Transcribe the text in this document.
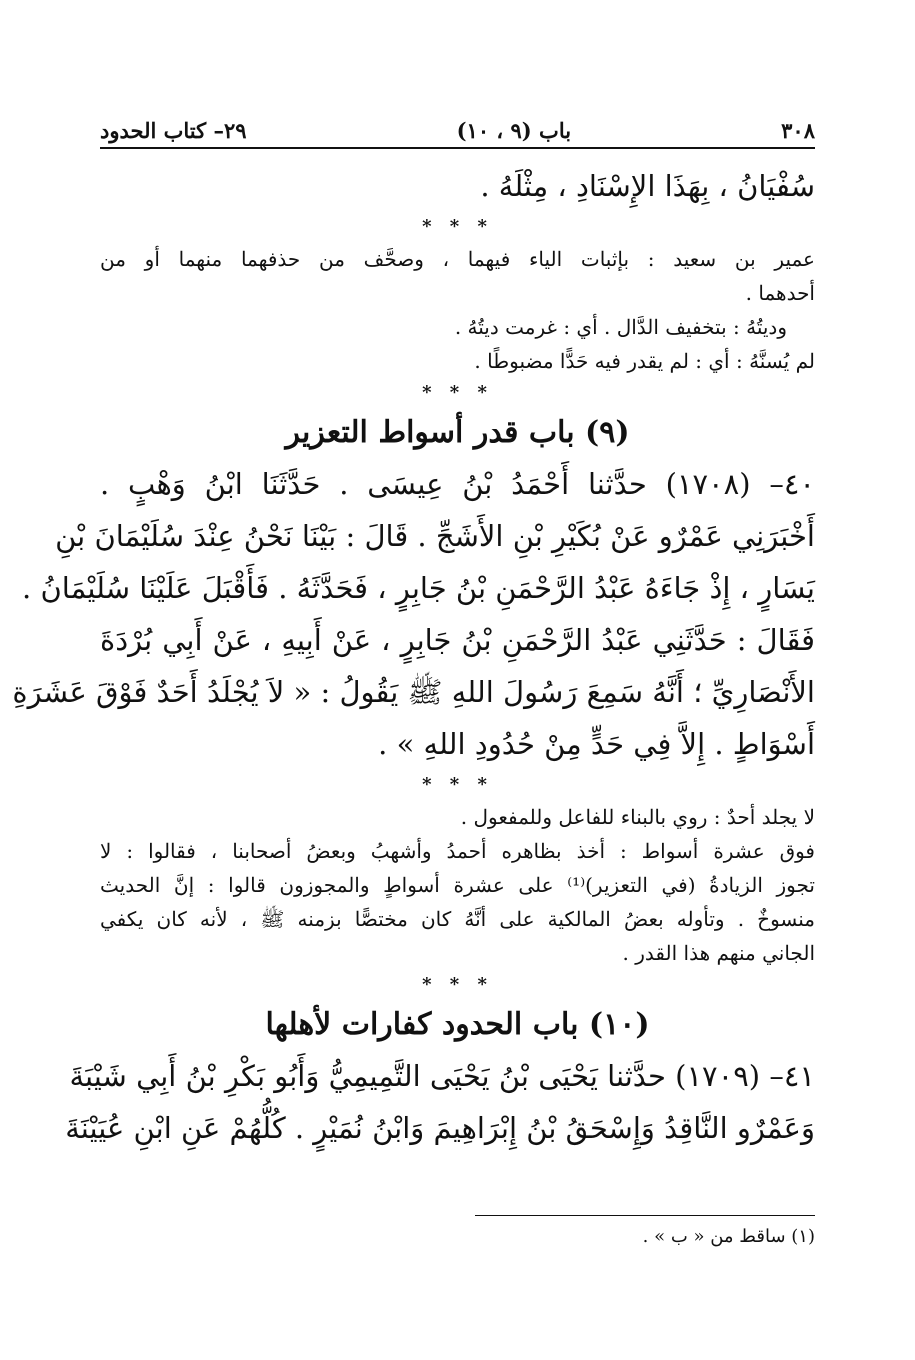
٣٠٨
باب (٩ ، ١٠)
٢٩– كتاب الحدود
سُفْيَانُ ، بِهَذَا الإِسْنَادِ ، مِثْلَهُ .
* * *
عمير بن سعيد : بإثبات الياء فيهما ، وصحَّف من حذفهما منهما أو من
أحدهما .
وديتُهُ : بتخفيف الدَّال . أي : غرمت ديتُهُ .
لم يُسنَّهُ : أي : لم يقدر فيه حَدًّا مضبوطًا .
* * *
(٩) باب قدر أسواط التعزير
٤٠– (١٧٠٨) حدَّثنا أَحْمَدُ بْنُ عِيسَى . حَدَّثَنَا ابْنُ وَهْبٍ .
أَخْبَرَنِي عَمْرٌو عَنْ بُكَيْرِ بْنِ الأَشَجِّ . قَالَ : بَيْنَا نَحْنُ عِنْدَ سُلَيْمَانَ بْنِ
يَسَارٍ ، إِذْ جَاءَهُ عَبْدُ الرَّحْمَنِ بْنُ جَابِرٍ ، فَحَدَّثَهُ . فَأَقْبَلَ عَلَيْنَا سُلَيْمَانُ .
فَقَالَ : حَدَّثَنِي عَبْدُ الرَّحْمَنِ بْنُ جَابِرٍ ، عَنْ أَبِيهِ ، عَنْ أَبِي بُرْدَةَ
الأَنْصَارِيِّ ؛ أَنَّهُ سَمِعَ رَسُولَ اللهِ ﷺ يَقُولُ : « لاَ يُجْلَدُ أَحَدٌ فَوْقَ عَشَرَةِ
أَسْوَاطٍ . إِلاَّ فِي حَدٍّ مِنْ حُدُودِ اللهِ » .
* * *
لا يجلد أحدٌ : روي بالبناء للفاعل وللمفعول .
فوق عشرة أسواط : أخذ بظاهره أحمدُ وأشهبُ وبعضُ أصحابنا ، فقالوا : لا
تجوز الزيادةُ (في التعزير)⁽¹⁾ على عشرة أسواطٍ والمجوزون قالوا : إنَّ الحديث
منسوخٌ . وتأوله بعضُ المالكية على أنَّهُ كان مختصًّا بزمنه ﷺ ، لأنه كان يكفي
الجاني منهم هذا القدر .
* * *
(١٠) باب الحدود كفارات لأهلها
٤١– (١٧٠٩) حدَّثنا يَحْيَى بْنُ يَحْيَى التَّمِيمِيُّ وَأَبُو بَكْرِ بْنُ أَبِي شَيْبَةَ
وَعَمْرٌو النَّاقِدُ وَإِسْحَقُ بْنُ إِبْرَاهِيمَ وَابْنُ نُمَيْرٍ . كُلُّهُمْ عَنِ ابْنِ عُيَيْنَةَ
(١) ساقط من « ب » .
